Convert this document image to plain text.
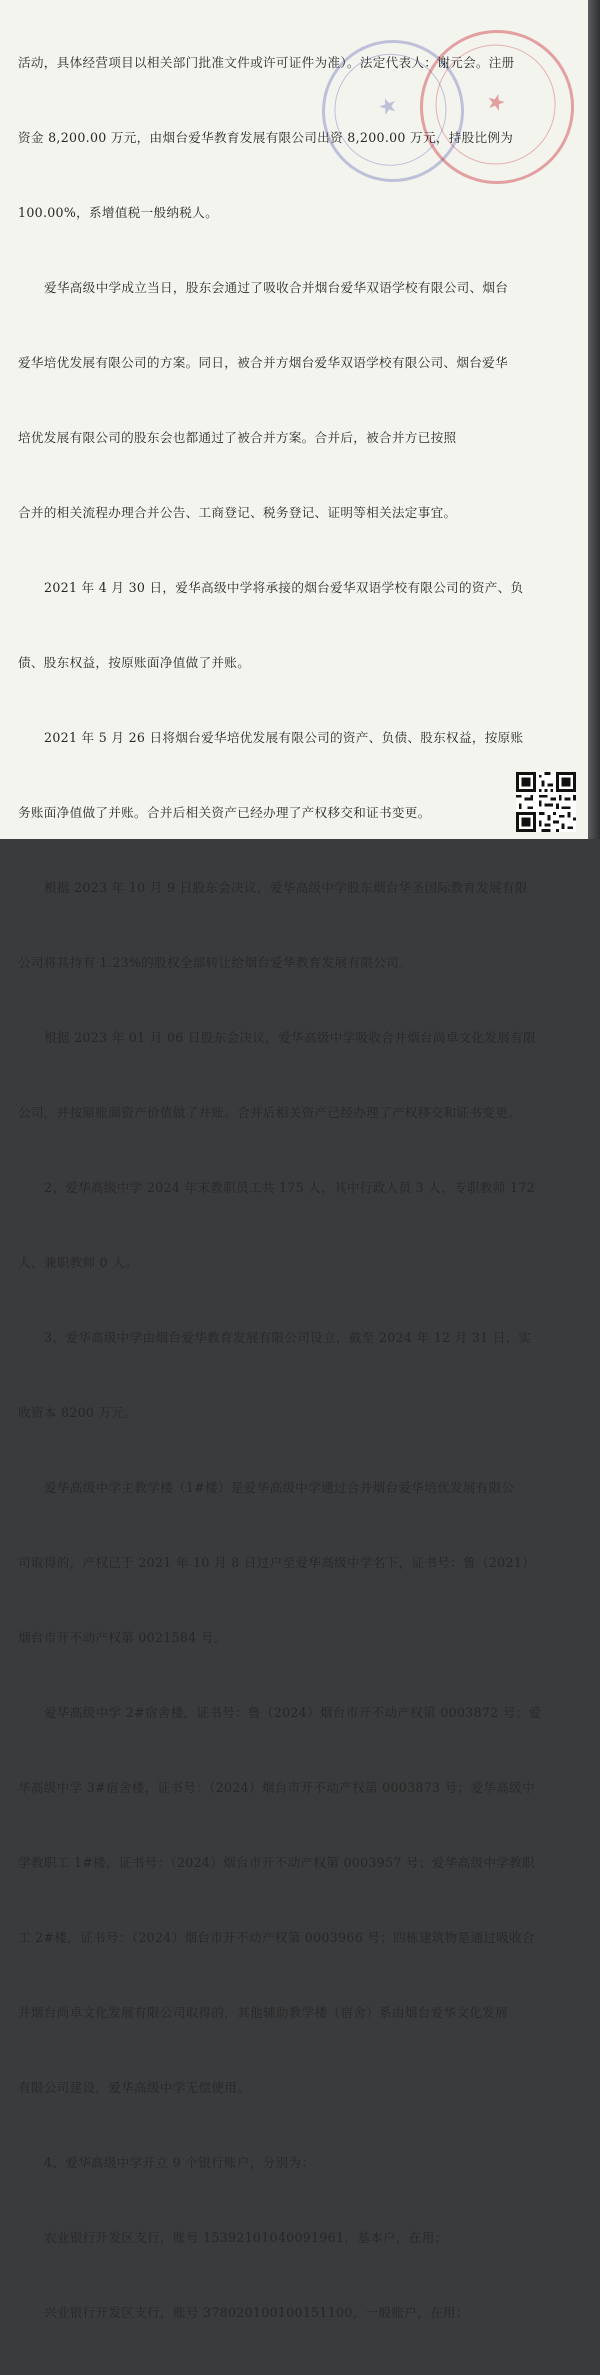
★	★

活动，具体经营项目以相关部门批准文件或许可证件为准）。法定代表人：谢元会。注册

资金 8,200.00 万元，由烟台爱华教育发展有限公司出资 8,200.00 万元，持股比例为

100.00%，系增值税一般纳税人。

爱华高级中学成立当日，股东会通过了吸收合并烟台爱华双语学校有限公司、烟台

爱华培优发展有限公司的方案。同日，被合并方烟台爱华双语学校有限公司、烟台爱华

培优发展有限公司的股东会也都通过了被合并方案。合并后，被合并方已按照

合并的相关流程办理合并公告、工商登记、税务登记、证明等相关法定事宜。

2021 年 4 月 30 日，爱华高级中学将承接的烟台爱华双语学校有限公司的资产、负

债、股东权益，按原账面净值做了并账。

2021 年 5 月 26 日将烟台爱华培优发展有限公司的资产、负债、股东权益，按原账

务账面净值做了并账。合并后相关资产已经办理了产权移交和证书变更。

根据 2023 年 10 月 9 日股东会决议，爱华高级中学股东烟台华圣国际教育发展有限

公司将其持有 1.23%的股权全部转让给烟台爱华教育发展有限公司。

根据 2023 年 01 月 06 日股东会决议，爱华高级中学吸收合并烟台尚卓文化发展有限

公司，并按原账面资产价值做了并账。合并后相关资产已经办理了产权移交和证书变更。

2、爱华高级中学 2024 年末教职员工共 175 人，其中行政人员 3 人，专职教师 172

人、兼职教师 0 人。

3、爱华高级中学由烟台爱华教育发展有限公司设立，截至 2024 年 12 月 31 日，实

收资本 8200 万元。

爱华高级中学主教学楼（1#楼）是爱华高级中学通过合并烟台爱华培优发展有限公

司取得的，产权已于 2021 年 10 月 8 日过户至爱华高级中学名下，证书号：鲁（2021）

烟台市开不动产权第 0021584 号。

爱华高级中学 2#宿舍楼，证书号：鲁（2024）烟台市开不动产权第 0003872 号；爱

华高级中学 3#宿舍楼，证书号：（2024）烟台市开不动产权第 0003873 号；爱华高级中

学教职工 1#楼，证书号：（2024）烟台市开不动产权第 0003957 号；爱华高级中学教职

工 2#楼，证书号：（2024）烟台市开不动产权第 0003966 号；四栋建筑物是通过吸收合

并烟台尚卓文化发展有限公司取得的，其他辅助教学楼（宿舍）系由烟台爱华文化发展

有限公司建设，爱华高级中学无偿使用。

4、爱华高级中学开立 9 个银行账户，分别为：

农业银行开发区支行，账号 15392101040091961，基本户，在用；

兴业银行开发区支行，账号 378020100100151100，一般账户，在用；
